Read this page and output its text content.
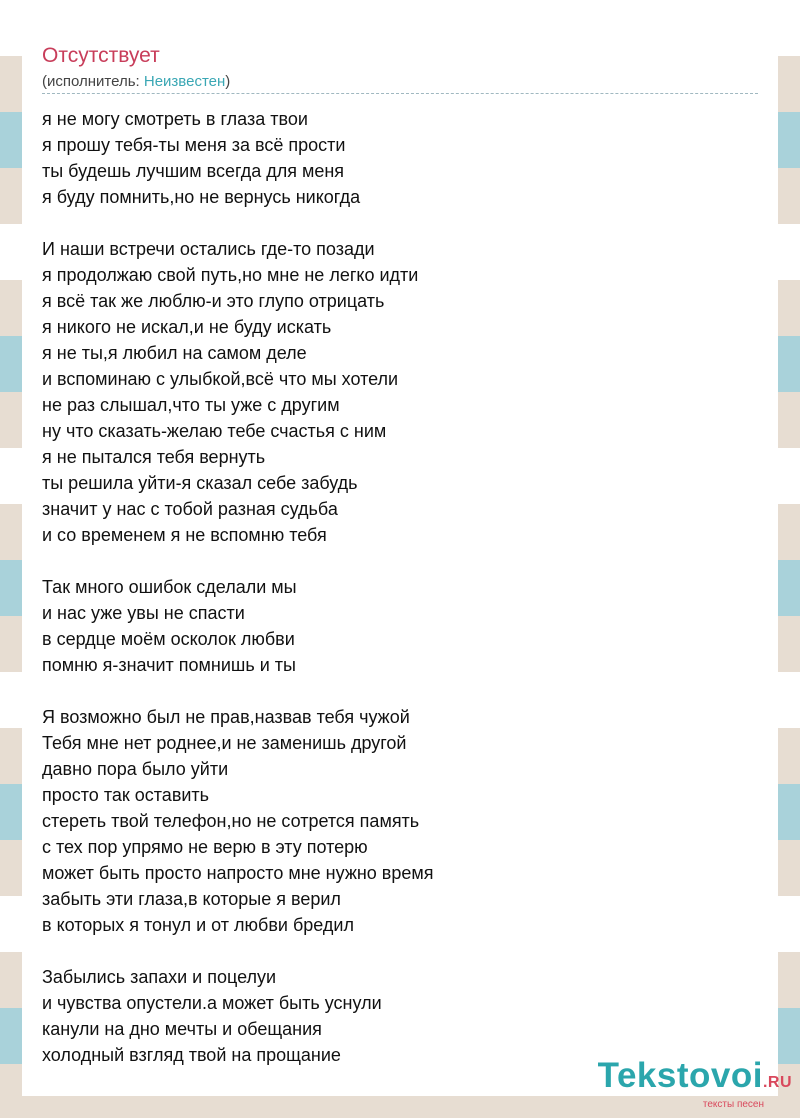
Отсутствует
(исполнитель: Неизвестен)
я не могу смотреть в глаза твои
я прошу тебя-ты меня за всё прости
ты будешь лучшим всегда для меня
я буду помнить,но не вернусь никогда
И наши встречи остались где-то позади
я продолжаю свой путь,но мне не легко идти
я всё так же люблю-и это глупо отрицать
я никого не искал,и не буду искать
я не ты,я любил на самом деле
и вспоминаю с улыбкой,всё что мы хотели
не раз слышал,что ты уже с другим
ну что сказать-желаю тебе счастья с ним
я не пытался тебя вернуть
ты решила уйти-я сказал себе забудь
значит у нас с тобой разная судьба
и со временем я не вспомню тебя
Так много ошибок сделали мы
и нас уже увы не спасти
в сердце моём осколок любви
помню я-значит помнишь и ты
Я возможно был не прав,назвав тебя чужой
Тебя мне нет роднее,и не заменишь другой
давно пора было уйти
просто так оставить
стереть твой телефон,но не сотрется память
с тех пор упрямо не верю в эту потерю
может быть просто напросто мне нужно время
забыть эти глаза,в которые я верил
в которых я тонул и от любви бредил
Забылись запахи и поцелуи
и чувства опустели.а может быть уснули
канули на дно мечты и обещания
холодный взгляд твой на прощание
Tekstovoi.RU
тексты песен
